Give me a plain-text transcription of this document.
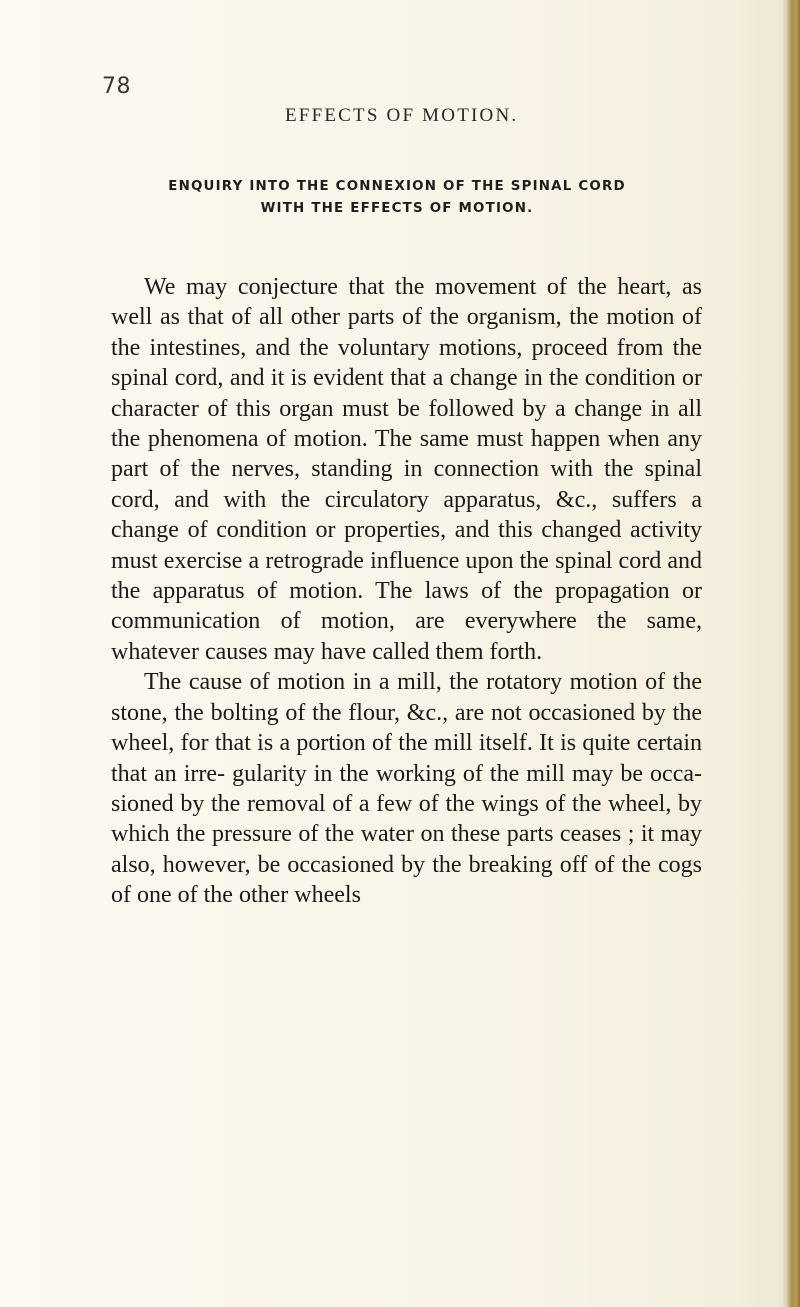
78
EFFECTS OF MOTION.
ENQUIRY INTO THE CONNEXION OF THE SPINAL CORD WITH THE EFFECTS OF MOTION.

We may conjecture that the movement of the heart, as well as that of all other parts of the organism, the motion of the intestines, and the voluntary motions, proceed from the spinal cord, and it is evident that a change in the condition or character of this organ must be followed by a change in all the phenomena of motion. The same must happen when any part of the nerves, standing in connection with the spinal cord, and with the circulatory apparatus, &c., suffers a change of condition or properties, and this changed activity must exercise a retrograde influence upon the spinal cord and the apparatus of motion. The laws of the propagation or communication of motion, are everywhere the same, whatever causes may have called them forth.

The cause of motion in a mill, the rotatory motion of the stone, the bolting of the flour, &c., are not occasioned by the wheel, for that is a portion of the mill itself. It is quite certain that an irre- gularity in the working of the mill may be occa- sioned by the removal of a few of the wings of the wheel, by which the pressure of the water on these parts ceases ; it may also, however, be occasioned by the breaking off of the cogs of one of the other wheels
